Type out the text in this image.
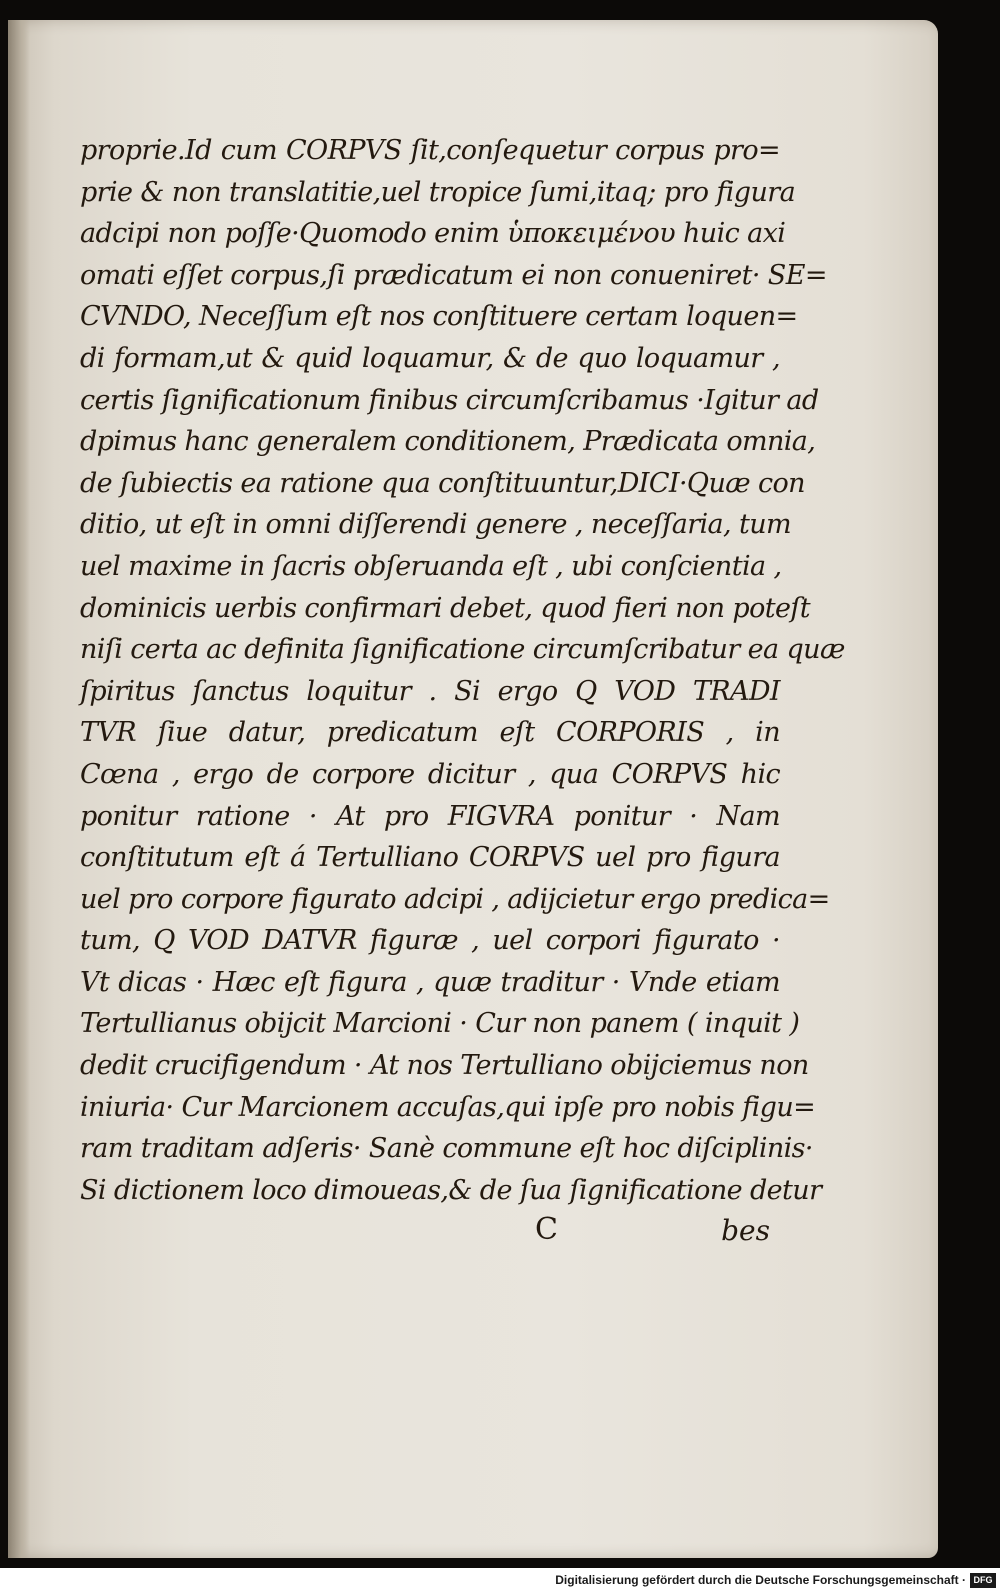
proprie.Id cum CORPVS ſit,conſequetur corpus pro=
prie & non translatitie,uel tropice ſumi,itaq; pro figura
adcipi non poſſe·Quomodo enim ὑποκειμένου huic axi
omati eſſet corpus,ſi prædicatum ei non conueniret· SE=
CVNDO, Neceſſum eſt nos conſtituere certam loquen=
di formam,ut & quid loquamur, & de quo loquamur ,
certis ſignificationum finibus circumſcribamus ·Igitur ad
dpimus hanc generalem conditionem, Prædicata omnia,
de ſubiectis ea ratione qua conſtituuntur,DICI·Quæ con
ditio, ut eſt in omni diſſerendi genere , neceſſaria, tum
uel maxime in ſacris obſeruanda eſt , ubi conſcientia ,
dominicis uerbis confirmari debet, quod fieri non poteſt
niſi certa ac definita ſignificatione circumſcribatur ea quæ
ſpiritus ſanctus loquitur . Si ergo Q VOD TRADI
TVR ſiue datur, predicatum eſt CORPORIS , in
Cœna , ergo de corpore dicitur , qua CORPVS hic
ponitur ratione · At pro FIGVRA ponitur · Nam
conſtitutum eſt á Tertulliano CORPVS uel pro figura
uel pro corpore figurato adcipi , adijcietur ergo predica=
tum, Q VOD DATVR figuræ , uel corpori figurato ·
Vt dicas · Hæc eſt figura , quæ traditur · Vnde etiam
Tertullianus obijcit Marcioni · Cur non panem ( inquit )
dedit crucifigendum · At nos Tertulliano obijciemus non
iniuria· Cur Marcionem accuſas,qui ipſe pro nobis figu=
ram traditam adſeris· Sanè commune eſt hoc diſciplinis·
Si dictionem loco dimoueas,& de ſua ſignificatione detur
C	bes
Digitalisierung gefördert durch die Deutsche Forschungsgemeinschaft · DFG
